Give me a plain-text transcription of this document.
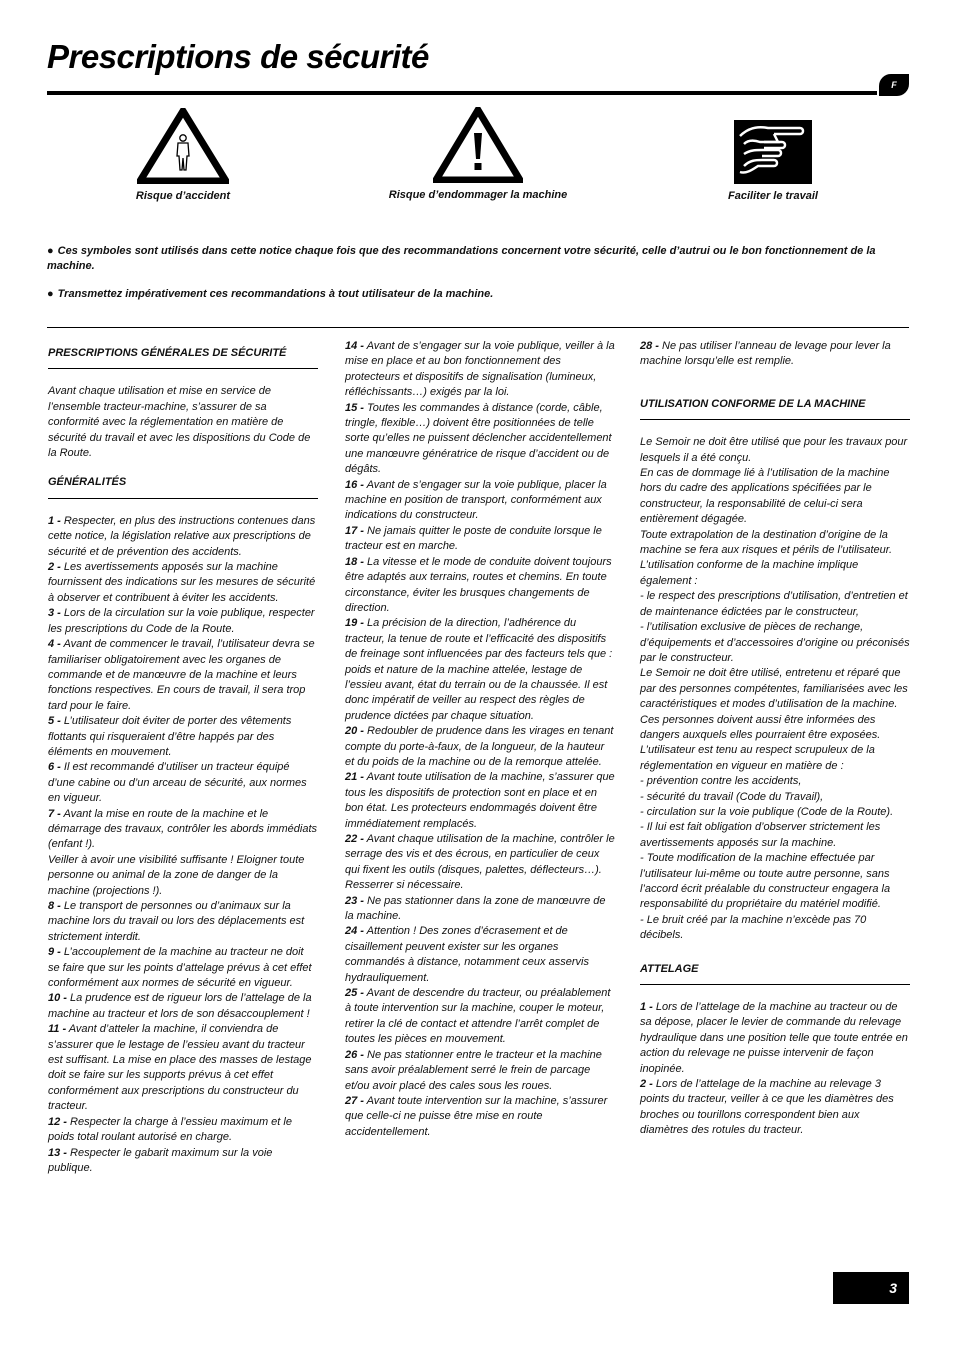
Prescriptions de sécurité
F
Risque d’accident	Risque d’endommager la machine	Faciliter le travail

● Ces symboles sont utilisés dans cette notice chaque fois que des recommandations concernent votre sécurité, celle d’autrui ou le bon fonctionnement de la machine.

● Transmettez impérativement ces recommandations à tout utilisateur de la machine.

PRESCRIPTIONS GÉNÉRALES DE SÉCURITÉ

Avant chaque utilisation et mise en service de l’ensemble tracteur-machine, s’assurer de sa conformité avec la réglementation en matière de sécurité du travail et avec les dispositions du Code de la Route.

GÉNÉRALITÉS

1 - Respecter, en plus des instructions contenues dans cette notice, la législation relative aux prescriptions de sécurité et de prévention des accidents.

2 - Les avertissements apposés sur la machine fournissent des indications sur les mesures de sécurité à observer et contribuent à éviter les accidents.

3 - Lors de la circulation sur la voie publique, respecter les prescriptions du Code de la Route.

4 - Avant de commencer le travail, l’utilisateur devra se familiariser obligatoirement avec les organes de commande et de manœuvre de la machine et leurs fonctions respectives. En cours de travail, il sera trop tard pour le faire.

5 - L’utilisateur doit éviter de porter des vêtements flottants qui risqueraient d’être happés par des éléments en mouvement.

6 - Il est recommandé d’utiliser un tracteur équipé d’une cabine ou d’un arceau de sécurité, aux normes en vigueur.

7 - Avant la mise en route de la machine et le démarrage des travaux, contrôler les abords immédiats (enfant !).

Veiller à avoir une visibilité suffisante ! Eloigner toute personne ou animal de la zone de danger de la machine (projections !).

8 - Le transport de personnes ou d’animaux sur la machine lors du travail ou lors des déplacements est strictement interdit.

9 - L’accouplement de la machine au tracteur ne doit se faire que sur les points d’attelage prévus à cet effet conformément aux normes de sécurité en vigueur.

10 - La prudence est de rigueur lors de l’attelage de la machine au tracteur et lors de son désaccouplement !

11 - Avant d’atteler la machine, il conviendra de s’assurer que le lestage de l’essieu avant du tracteur est suffisant. La mise en place des masses de lestage doit se faire sur les supports prévus à cet effet conformément aux prescriptions du constructeur du tracteur.

12 - Respecter la charge à l’essieu maximum et le poids total roulant autorisé en charge.

13 - Respecter le gabarit maximum sur la voie publique.

14 - Avant de s’engager sur la voie publique, veiller à la mise en place et au bon fonctionnement des protecteurs et dispositifs de signalisation (lumineux, réfléchissants…) exigés par la loi.

15 - Toutes les commandes à distance (corde, câble, tringle, flexible…) doivent être positionnées de telle sorte qu’elles ne puissent déclencher accidentellement une manœuvre génératrice de risque d’accident ou de dégâts.

16 - Avant de s’engager sur la voie publique, placer la machine en position de transport, conformément aux indications du constructeur.

17 - Ne jamais quitter le poste de conduite lorsque le tracteur est en marche.

18 - La vitesse et le mode de conduite doivent toujours être adaptés aux terrains, routes et chemins. En toute circonstance, éviter les brusques changements de direction.

19 - La précision de la direction, l’adhérence du tracteur, la tenue de route et l’efficacité des dispositifs de freinage sont influencées par des facteurs tels que : poids et nature de la machine attelée, lestage de l’essieu avant, état du terrain ou de la chaussée. Il est donc impératif de veiller au respect des règles de prudence dictées par chaque situation.

20 - Redoubler de prudence dans les virages en tenant compte du porte-à-faux, de la longueur, de la hauteur et du poids de la machine ou de la remorque attelée.

21 - Avant toute utilisation de la machine, s’assurer que tous les dispositifs de protection sont en place et en bon état. Les protecteurs endommagés doivent être immédiatement remplacés.

22 - Avant chaque utilisation de la machine, contrôler le serrage des vis et des écrous, en particulier de ceux qui fixent les outils (disques, palettes, déflecteurs…). Resserrer si nécessaire.

23 - Ne pas stationner dans la zone de manœuvre de la machine.

24 - Attention ! Des zones d’écrasement et de cisaillement peuvent exister sur les organes commandés à distance, notamment ceux asservis hydrauliquement.

25 - Avant de descendre du tracteur, ou préalablement à toute intervention sur la machine, couper le moteur, retirer la clé de contact et attendre l’arrêt complet de toutes les pièces en mouvement.

26 - Ne pas stationner entre le tracteur et la machine sans avoir préalablement serré le frein de parcage et/ou avoir placé des cales sous les roues.

27 - Avant toute intervention sur la machine, s’assurer que celle-ci ne puisse être mise en route accidentellement.

28 - Ne pas utiliser l’anneau de levage pour lever la machine lorsqu’elle est remplie.

UTILISATION CONFORME DE LA MACHINE

Le Semoir ne doit être utilisé que pour les travaux pour lesquels il a été conçu.

En cas de dommage lié à l’utilisation de la machine hors du cadre des applications spécifiées par le constructeur, la responsabilité de celui-ci sera entièrement dégagée.

Toute extrapolation de la destination d’origine de la machine se fera aux risques et périls de l’utilisateur.

L’utilisation conforme de la machine implique également :

- le respect des prescriptions d’utilisation, d’entretien et de maintenance édictées par le constructeur,

- l’utilisation exclusive de pièces de rechange, d’équipements et d’accessoires d’origine ou préconisés par le constructeur.

Le Semoir ne doit être utilisé, entretenu et réparé que par des personnes compétentes, familiarisées avec les caractéristiques et modes d’utilisation de la machine. Ces personnes doivent aussi être informées des dangers auxquels elles pourraient être exposées.

L’utilisateur est tenu au respect scrupuleux de la réglementation en vigueur en matière de :

- prévention contre les accidents,

- sécurité du travail (Code du Travail),

- circulation sur la voie publique (Code de la Route).

- Il lui est fait obligation d’observer strictement les avertissements apposés sur la machine.

- Toute modification de la machine effectuée par l’utilisateur lui-même ou toute autre personne, sans l’accord écrit préalable du constructeur engagera la responsabilité du propriétaire du matériel modifié.

- Le bruit créé par la machine n’excède pas 70 décibels.

ATTELAGE

1 - Lors de l’attelage de la machine au tracteur ou de sa dépose, placer le levier de commande du relevage hydraulique dans une position telle que toute entrée en action du relevage ne puisse intervenir de façon inopinée.

2 - Lors de l’attelage de la machine au relevage 3 points du tracteur, veiller à ce que les diamètres des broches ou tourillons correspondent bien aux diamètres des rotules du tracteur.

3
